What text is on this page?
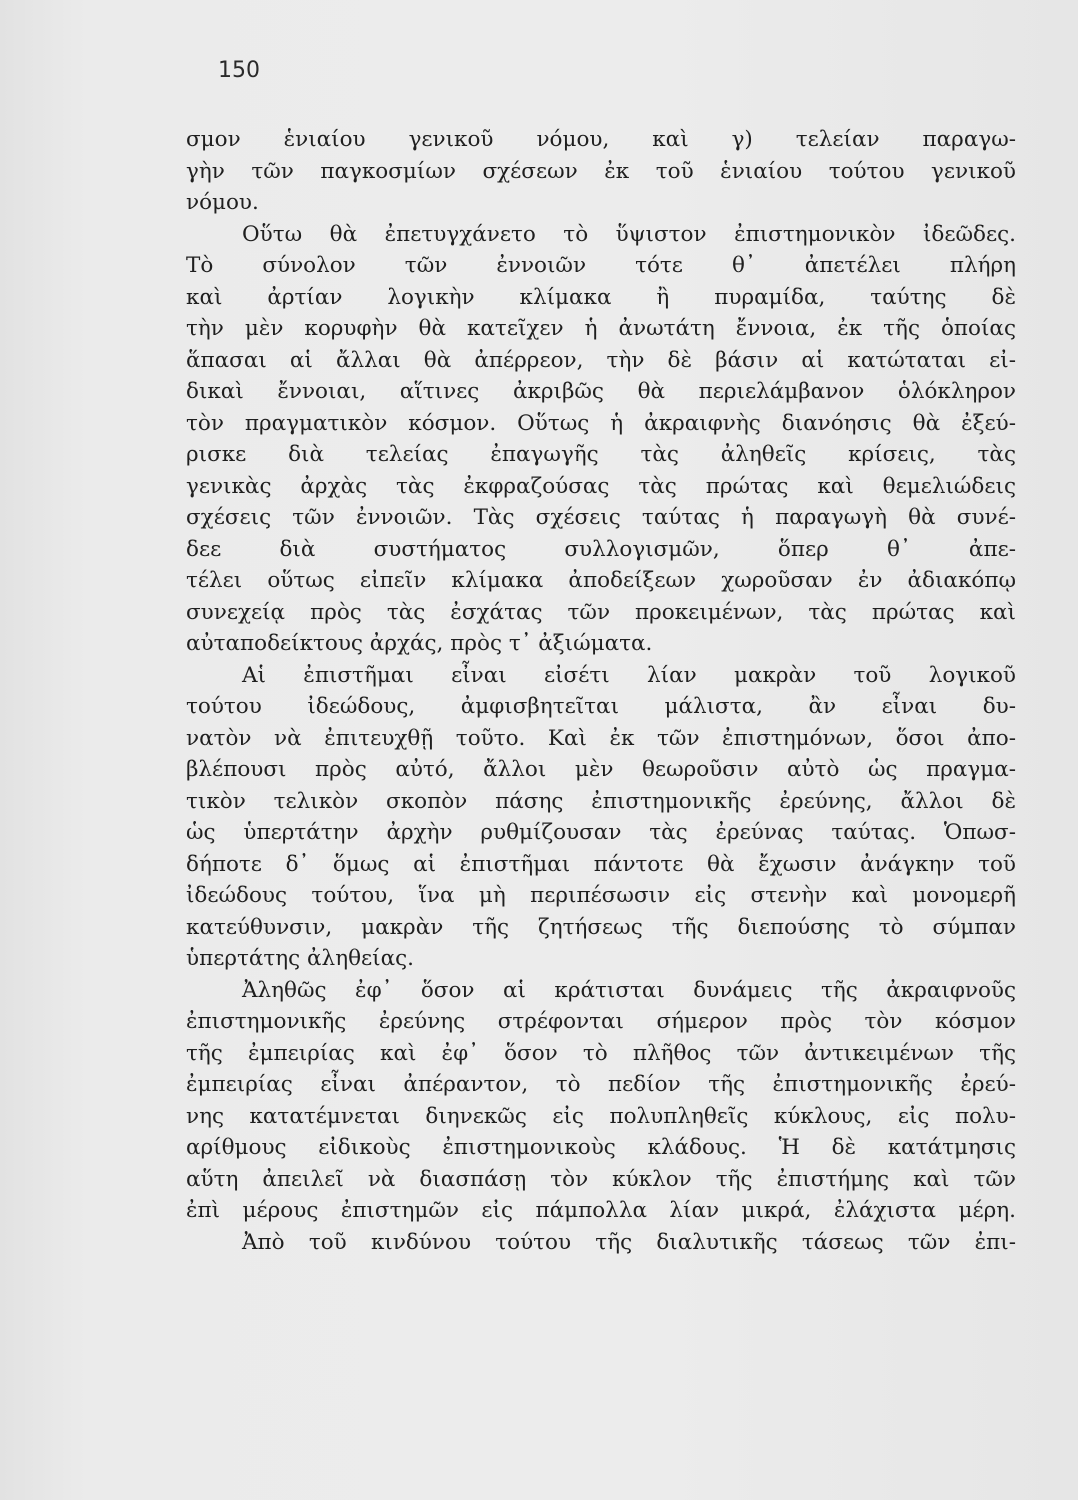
150
σμον ἑνιαίου γενικοῦ νόμου, καὶ γ) τελείαν παραγω-
γὴν τῶν παγκοσμίων σχέσεων ἐκ τοῦ ἑνιαίου τούτου γενικοῦ
νόμου.
Οὕτω θὰ ἐπετυγχάνετο τὸ ὕψιστον ἐπιστημονικὸν ἰδεῶδες.
Τὸ σύνολον τῶν ἐννοιῶν τότε θ᾽ ἀπετέλει πλήρη
καὶ ἀρτίαν λογικὴν κλίμακα ἢ πυραμίδα, ταύτης δὲ
τὴν μὲν κορυφὴν θὰ κατεῖχεν ἡ ἀνωτάτη ἔννοια, ἐκ τῆς ὁποίας
ἅπασαι αἱ ἄλλαι θὰ ἀπέρρεον, τὴν δὲ βάσιν αἱ κατώταται εἰ-
δικαὶ ἔννοιαι, αἵτινες ἀκριβῶς θὰ περιελάμβανον ὁλόκληρον
τὸν πραγματικὸν κόσμον. Οὕτως ἡ ἀκραιφνὴς διανόησις θὰ ἐξεύ-
ρισκε διὰ τελείας ἐπαγωγῆς τὰς ἀληθεῖς κρίσεις, τὰς
γενικὰς ἀρχὰς τὰς ἐκφραζούσας τὰς πρώτας καὶ θεμελιώδεις
σχέσεις τῶν ἐννοιῶν. Τὰς σχέσεις ταύτας ἡ παραγωγὴ θὰ συνέ-
δεε διὰ συστήματος συλλογισμῶν, ὅπερ θ᾽ ἀπε-
τέλει οὕτως εἰπεῖν κλίμακα ἀποδείξεων χωροῦσαν ἐν ἀδιακόπῳ
συνεχείᾳ πρὸς τὰς ἐσχάτας τῶν προκειμένων, τὰς πρώτας καὶ
αὐταποδείκτους ἀρχάς, πρὸς τ᾽ ἀξιώματα.
Αἱ ἐπιστῆμαι εἶναι εἰσέτι λίαν μακρὰν τοῦ λογικοῦ
τούτου ἰδεώδους, ἀμφισβητεῖται μάλιστα, ἂν εἶναι δυ-
νατὸν νὰ ἐπιτευχθῇ τοῦτο. Καὶ ἐκ τῶν ἐπιστημόνων, ὅσοι ἀπο-
βλέπουσι πρὸς αὐτό, ἄλλοι μὲν θεωροῦσιν αὐτὸ ὡς πραγμα-
τικὸν τελικὸν σκοπὸν πάσης ἐπιστημονικῆς ἐρεύνης, ἄλλοι δὲ
ὡς ὑπερτάτην ἀρχὴν ρυθμίζουσαν τὰς ἐρεύνας ταύτας. Ὁπωσ-
δήποτε δ᾽ ὅμως αἱ ἐπιστῆμαι πάντοτε θὰ ἔχωσιν ἀνάγκην τοῦ
ἰδεώδους τούτου, ἵνα μὴ περιπέσωσιν εἰς στενὴν καὶ μονομερῆ
κατεύθυνσιν, μακρὰν τῆς ζητήσεως τῆς διεπούσης τὸ σύμπαν
ὑπερτάτης ἀληθείας.
Ἀληθῶς ἐφ᾽ ὅσον αἱ κράτισται δυνάμεις τῆς ἀκραιφνοῦς
ἐπιστημονικῆς ἐρεύνης στρέφονται σήμερον πρὸς τὸν κόσμον
τῆς ἐμπειρίας καὶ ἐφ᾽ ὅσον τὸ πλῆθος τῶν ἀντικειμένων τῆς
ἐμπειρίας εἶναι ἀπέραντον, τὸ πεδίον τῆς ἐπιστημονικῆς ἐρεύ-
νης κατατέμνεται διηνεκῶς εἰς πολυπληθεῖς κύκλους, εἰς πολυ-
αρίθμους εἰδικοὺς ἐπιστημονικοὺς κλάδους. Ἡ δὲ κατάτμησις
αὕτη ἀπειλεῖ νὰ διασπάσῃ τὸν κύκλον τῆς ἐπιστήμης καὶ τῶν
ἐπὶ μέρους ἐπιστημῶν εἰς πάμπολλα λίαν μικρά, ἐλάχιστα μέρη.
Ἀπὸ τοῦ κινδύνου τούτου τῆς διαλυτικῆς τάσεως τῶν ἐπι-
